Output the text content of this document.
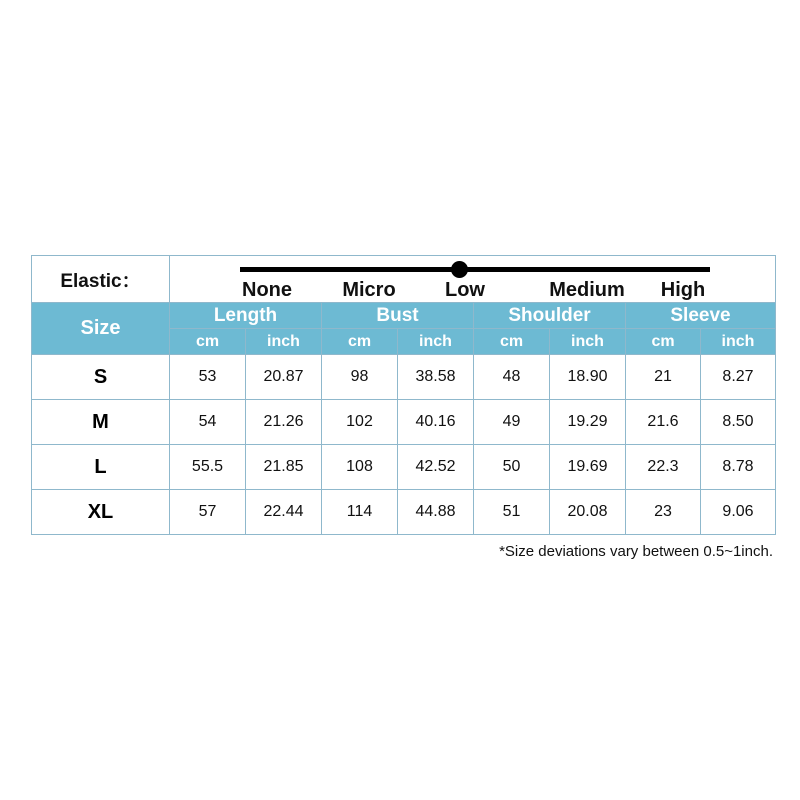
Elastic：	None Micro Low Medium High							

Size	Length		Bust		Shoulder		Sleeve	
	cm	inch	cm	inch	cm	inch	cm	inch
S	53	20.87	98	38.58	48	18.90	21	8.27
M	54	21.26	102	40.16	49	19.29	21.6	8.50
L	55.5	21.85	108	42.52	50	19.69	22.3	8.78
XL	57	22.44	114	44.88	51	20.08	23	9.06
*Size deviations vary between 0.5~1inch.
